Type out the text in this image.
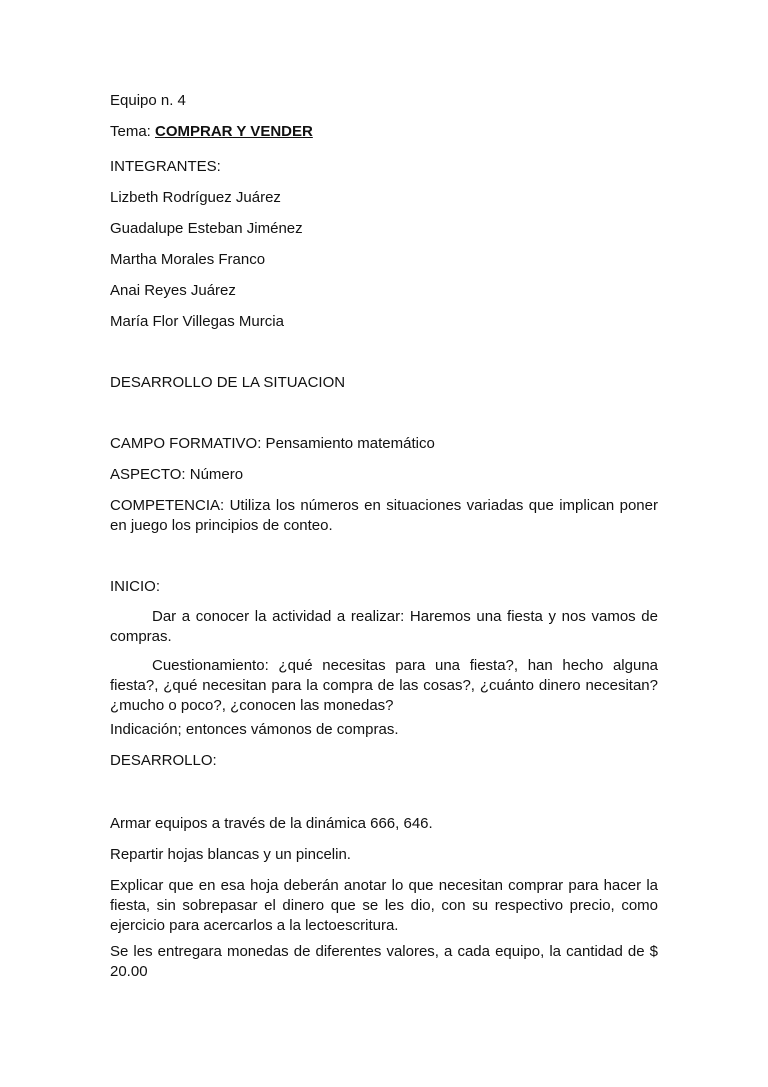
Equipo n. 4

Tema: COMPRAR Y VENDER

INTEGRANTES:

Lizbeth Rodríguez Juárez

Guadalupe Esteban Jiménez

Martha Morales Franco

Anai Reyes Juárez

María Flor Villegas Murcia

DESARROLLO DE LA SITUACION

CAMPO FORMATIVO: Pensamiento matemático

ASPECTO: Número

COMPETENCIA: Utiliza los números en situaciones variadas que implican poner en juego los principios de conteo.

INICIO:

Dar a conocer la actividad a realizar: Haremos una fiesta y nos vamos de compras.

Cuestionamiento: ¿qué necesitas para una fiesta?, han hecho alguna fiesta?, ¿qué necesitan para la compra de las cosas?, ¿cuánto dinero necesitan?¿mucho o poco?, ¿conocen las monedas?

Indicación; entonces vámonos de compras.

DESARROLLO:

Armar equipos a través de la dinámica 666, 646.

Repartir hojas blancas y un pincelin.

Explicar que en esa hoja deberán anotar lo que necesitan comprar para hacer la fiesta, sin sobrepasar el dinero que se les dio, con su respectivo precio, como ejercicio para acercarlos a la lectoescritura.

Se les entregara monedas de diferentes valores, a cada equipo, la cantidad de $ 20.00
